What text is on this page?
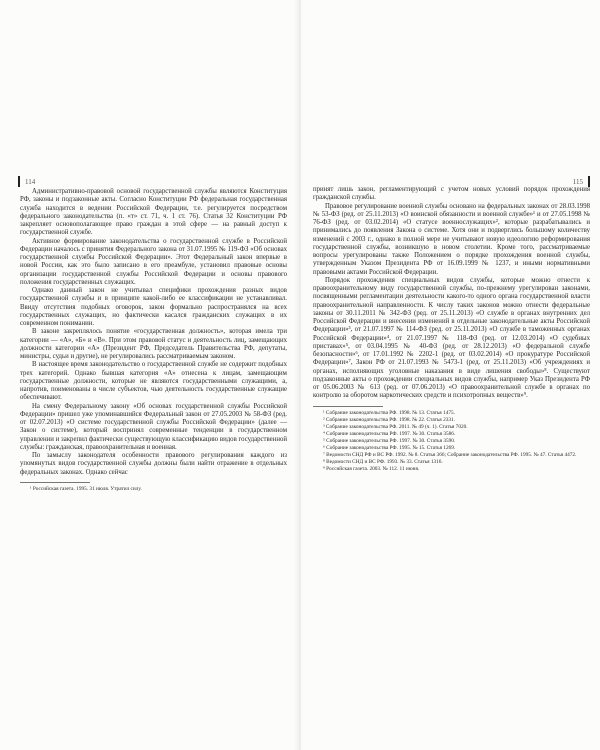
114

Административно-правовой основой государственной службы являются Конституция РФ, законы и подзаконные акты. Согласно Конституции РФ федеральная государственная служба находится в ведении Российской Федерации, т.е. регулируется посредством федерального законодательства (п. «т» ст. 71, ч. 1 ст. 76). Статья 32 Конституции РФ закрепляет основополагающее право граждан в этой сфере — на равный доступ к государственной службе.

Активное формирование законодательства о государственной службе в Российской Федерации началось с принятия Федерального закона от 31.07.1995 № 119-ФЗ «Об основах государственной службы Российской Федерации». Этот Федеральный закон впервые в новой России, как это было записано в его преамбуле, установил правовые основы организации государственной службы Российской Федерации и основы правового положения государственных служащих.

Однако данный закон не учитывал специфики прохождения разных видов государственной службы и в принципе какой-либо ее классификации не устанавливал. Ввиду отсутствия подобных оговорок, закон формально распространялся на всех государственных служащих, но фактически касался гражданских служащих в их современном понимании.

В законе закреплялось понятие «государственная должность», которая имела три категории — «А», «Б» и «В». При этом правовой статус и деятельность лиц, замещающих должности категории «А» (Президент РФ, Председатель Правительства РФ, депутаты, министры, судьи и другие), не регулировались рассматриваемым законом.

В настоящее время законодательство о государственной службе не содержит подобных трех категорий. Однако бывшая категория «А» отнесена к лицам, замещающим государственные должности, которые не являются государственными служащими, а, напротив, поименованы в числе субъектов, чью деятельность государственные служащие обеспечивают.

На смену Федеральному закону «Об основах государственной службы Российской Федерации» пришел уже упоминавшийся Федеральный закон от 27.05.2003 № 58-ФЗ (ред. от 02.07.2013) «О системе государственной службы Российской Федерации» (далее — Закон о системе), который воспринял современные тенденции в государственном управлении и закрепил фактически существующую классификацию видов государственной службы: гражданская, правоохранительная и военная.

По замыслу законодателя особенности правового регулирования каждого из упомянутых видов государственной службы должны были найти отражение в отдельных федеральных законах. Однако сейчас

¹ Российская газета. 1995. 31 июля. Утратил силу.
115

принят лишь закон, регламентирующий с учетом новых условий порядок прохождения гражданской службы.

Правовое регулирование военной службы основано на федеральных законах от 28.03.1998 № 53-ФЗ (ред. от 25.11.2013) «О воинской обязанности и военной службе»¹ и от 27.05.1998 № 76-ФЗ (ред. от 03.02.2014) «О статусе военнослужащих»², которые разрабатывались и принимались до появления Закона о системе. Хотя они и подверглись большому количеству изменений с 2003 г., однако в полной мере не учитывают новую идеологию реформирования государственной службы, возникшую в новом столетии. Кроме того, рассматриваемые вопросы урегулированы также Положением о порядке прохождения военной службы, утвержденным Указом Президента РФ от 16.09.1999 № 1237, и иными нормативными правовыми актами Российской Федерации.

Порядок прохождения специальных видов службы, которые можно отнести к правоохранительному виду государственной службы, по-прежнему урегулирован законами, посвященными регламентации деятельности какого-то одного органа государственной власти правоохранительной направленности. К числу таких законов можно отнести федеральные законы от 30.11.2011 № 342-ФЗ (ред. от 25.11.2013) «О службе в органах внутренних дел Российской Федерации и внесении изменений в отдельные законодательные акты Российской Федерации»³, от 21.07.1997 № 114-ФЗ (ред. от 25.11.2013) «О службе в таможенных органах Российской Федерации»⁴, от 21.07.1997 № 118-ФЗ (ред. от 12.03.2014) «О судебных приставах»⁵, от 03.04.1995 № 40-ФЗ (ред. от 28.12.2013) «О федеральной службе безопасности»⁶, от 17.01.1992 № 2202-1 (ред. от 03.02.2014) «О прокуратуре Российской Федерации»⁷, Закон РФ от 21.07.1993 № 5473-1 (ред. от 25.11.2013) «Об учреждениях и органах, исполняющих уголовные наказания в виде лишения свободы»⁸. Существуют подзаконные акты о прохождении специальных видов службы, например Указ Президента РФ от 05.06.2003 № 613 (ред. от 07.06.2013) «О правоохранительной службе в органах по контролю за оборотом наркотических средств и психотропных веществ»⁹.

¹ Собрание законодательства РФ. 1998. № 13. Статья 1475.
² Собрание законодательства РФ. 1998. № 22. Статья 2331.
³ Собрание законодательства РФ. 2011. № 49 (ч. 1). Статья 7020.
⁴ Собрание законодательства РФ. 1997. № 30. Статья 3586.
⁵ Собрание законодательства РФ. 1997. № 30. Статья 3590.
⁶ Собрание законодательства РФ. 1995. № 15. Статья 1269.
⁷ Ведомости СНД РФ и ВС РФ. 1992. № 8. Статья 366; Собрание законодательства РФ. 1995. № 47. Статья 4472.
⁸ Ведомости СНД и ВС РФ. 1993. № 33. Статья 1316.
⁹ Российская газета. 2003. № 112. 11 июня.
